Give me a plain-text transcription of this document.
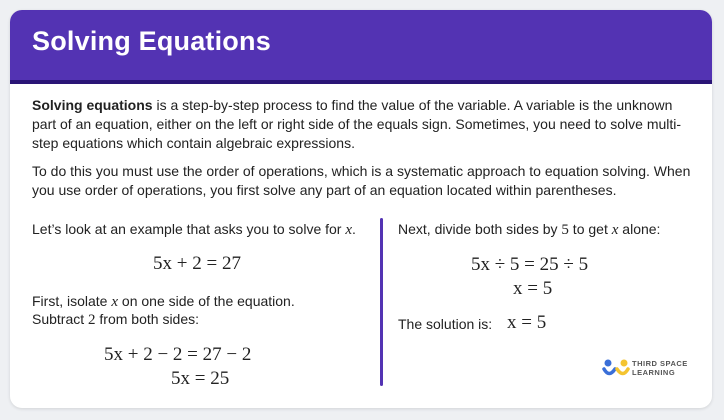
Solving Equations

Solving equations is a step-by-step process to find the value of the variable. A variable is the unknown part of an equation, either on the left or right side of the equals sign. Sometimes, you need to solve multi-step equations which contain algebraic expressions.

To do this you must use the order of operations, which is a systematic approach to equation solving. When you use order of operations, you first solve any part of an equation located within parentheses.

Let’s look at an example that asks you to solve for x.

5x + 2 = 27

First, isolate x on one side of the equation.

Subtract 2 from both sides:

5x + 2 − 2 = 27 − 2

5x = 25

Next, divide both sides by 5 to get x alone:

5x ÷ 5 = 25 ÷ 5

x = 5

The solution is: x = 5

THIRD SPACE
LEARNING
